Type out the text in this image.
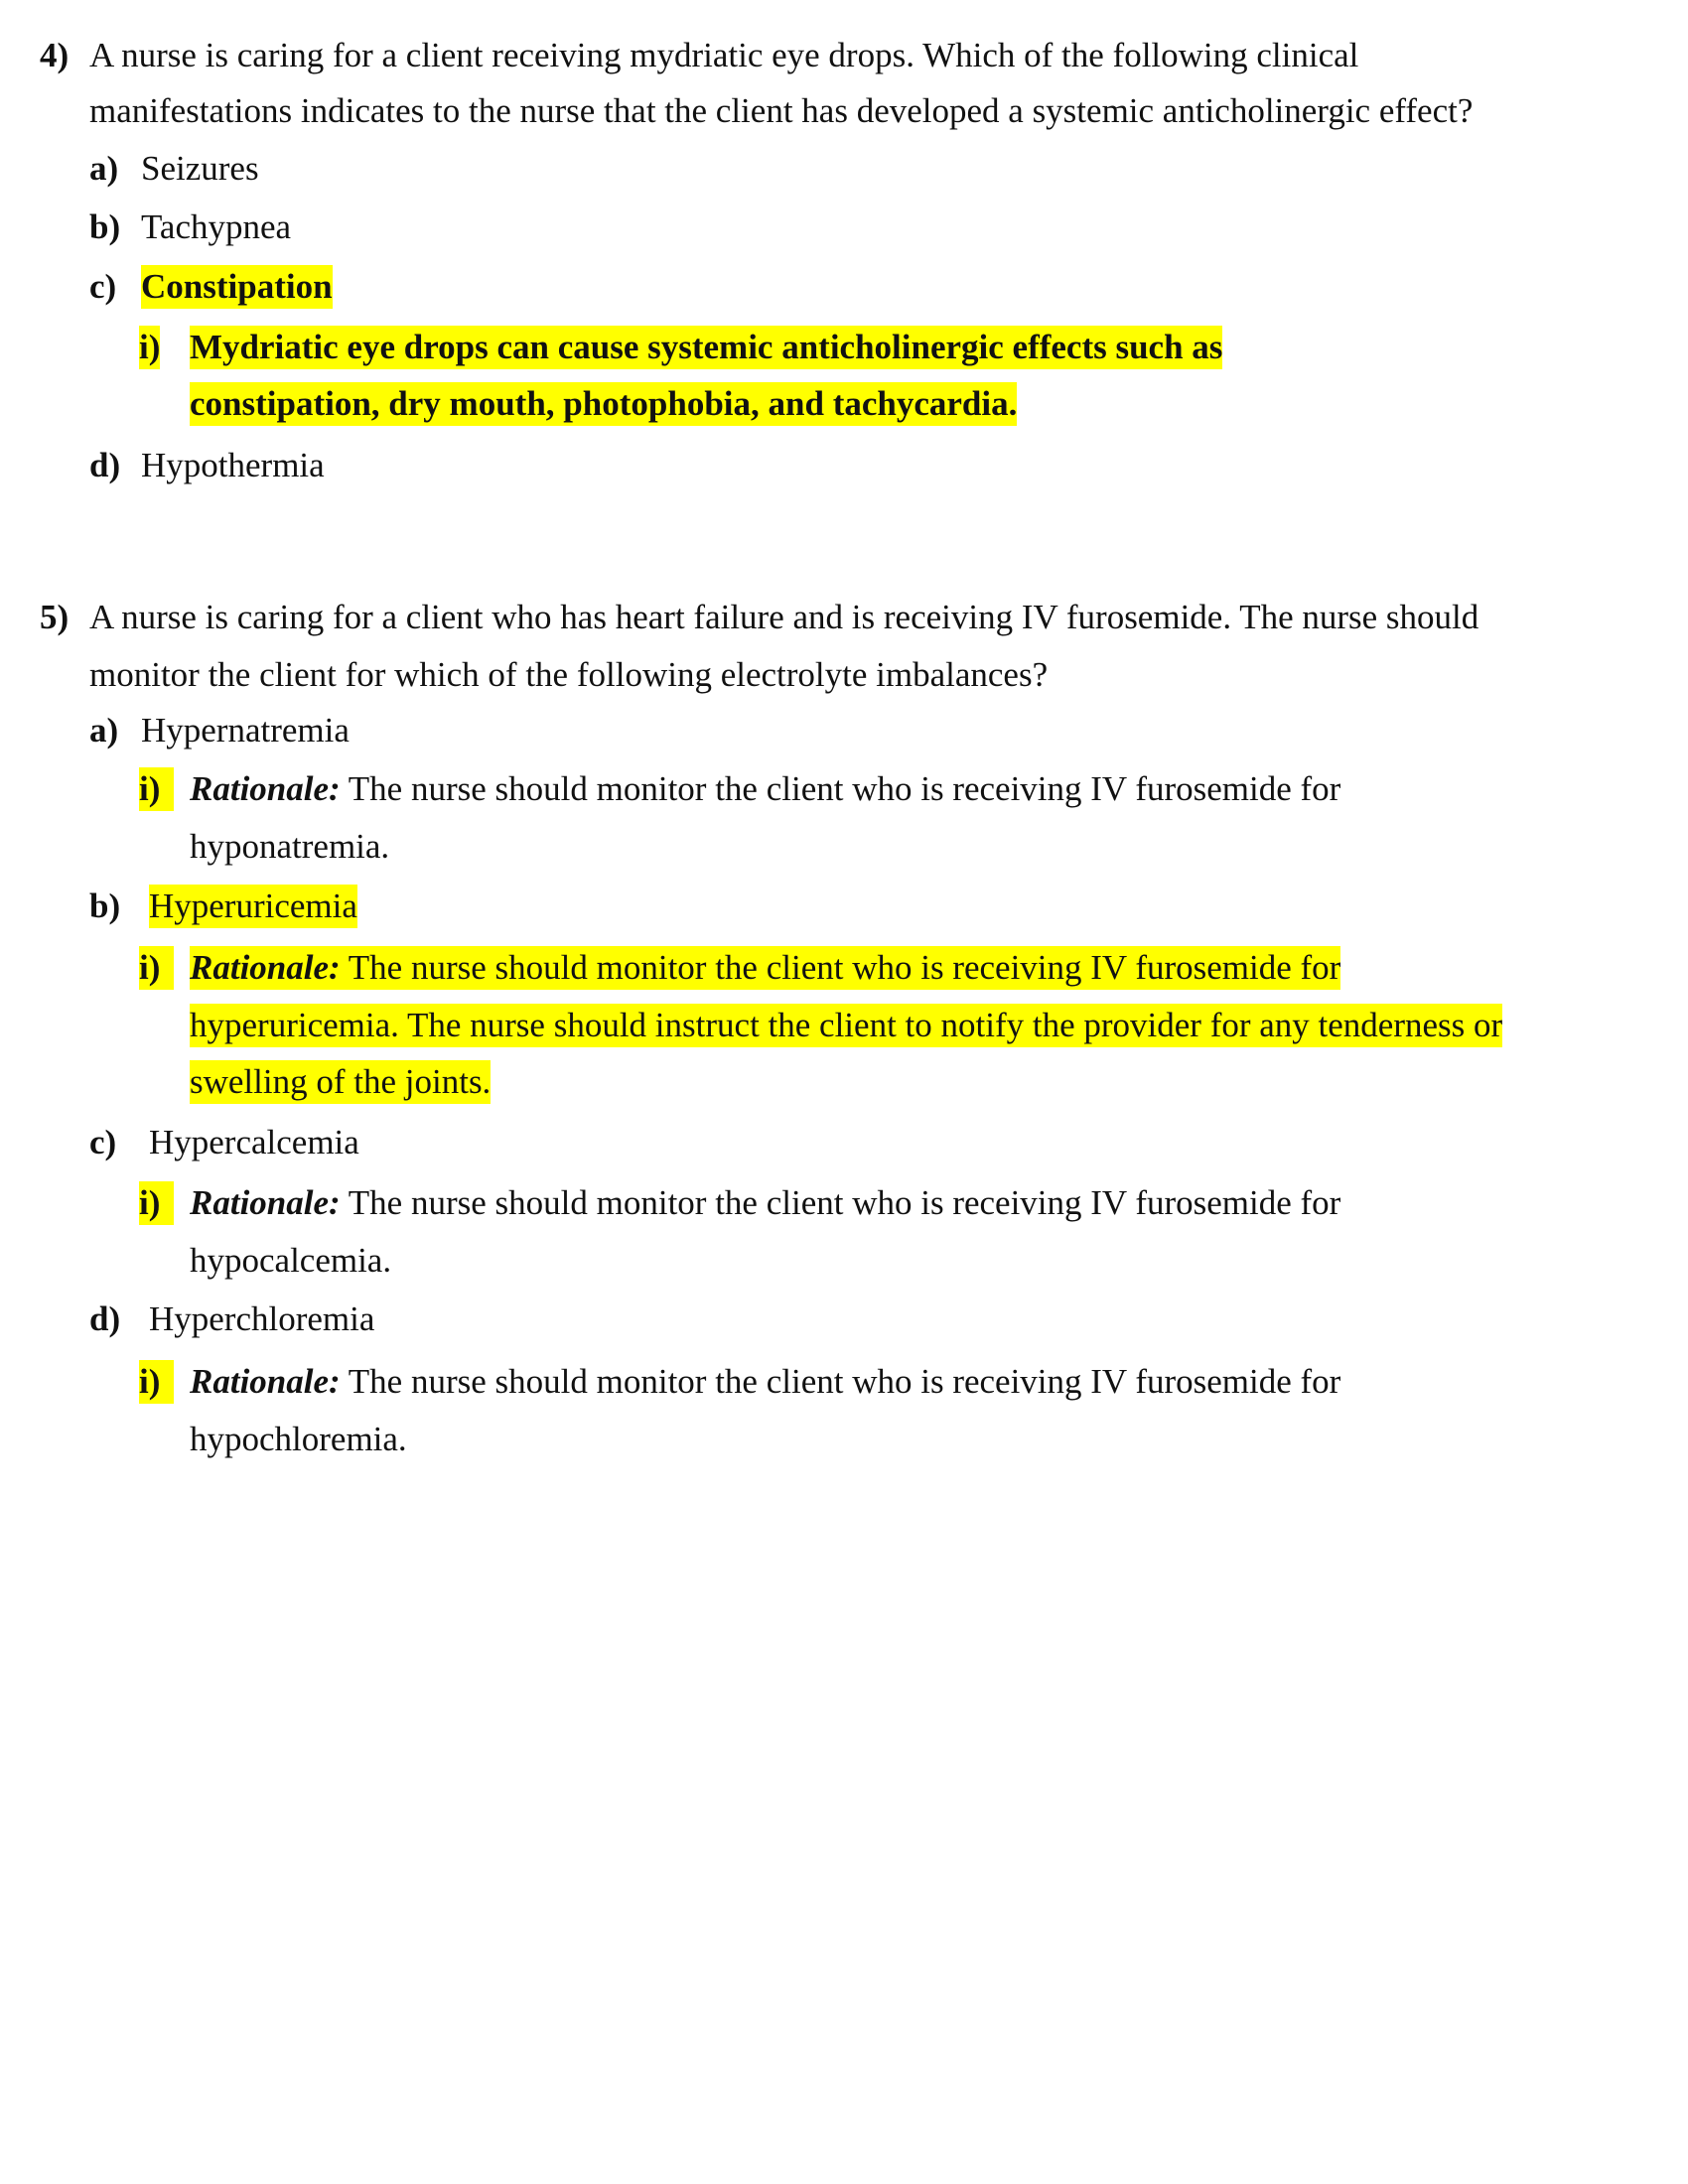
4) A nurse is caring for a client receiving mydriatic eye drops. Which of the following clinical
manifestations indicates to the nurse that the client has developed a systemic anticholinergic effect?
a) Seizures
b) Tachypnea
c) Constipation
i) Mydriatic eye drops can cause systemic anticholinergic effects such as
constipation, dry mouth, photophobia, and tachycardia.
d) Hypothermia
5) A nurse is caring for a client who has heart failure and is receiving IV furosemide. The nurse should
monitor the client for which of the following electrolyte imbalances?
a) Hypernatremia
i) Rationale: The nurse should monitor the client who is receiving IV furosemide for
hyponatremia.
b) Hyperuricemia
i) Rationale: The nurse should monitor the client who is receiving IV furosemide for
hyperuricemia. The nurse should instruct the client to notify the provider for any tenderness or
swelling of the joints.
c) Hypercalcemia
i) Rationale: The nurse should monitor the client who is receiving IV furosemide for
hypocalcemia.
d) Hyperchloremia
i) Rationale: The nurse should monitor the client who is receiving IV furosemide for
hypochloremia.
